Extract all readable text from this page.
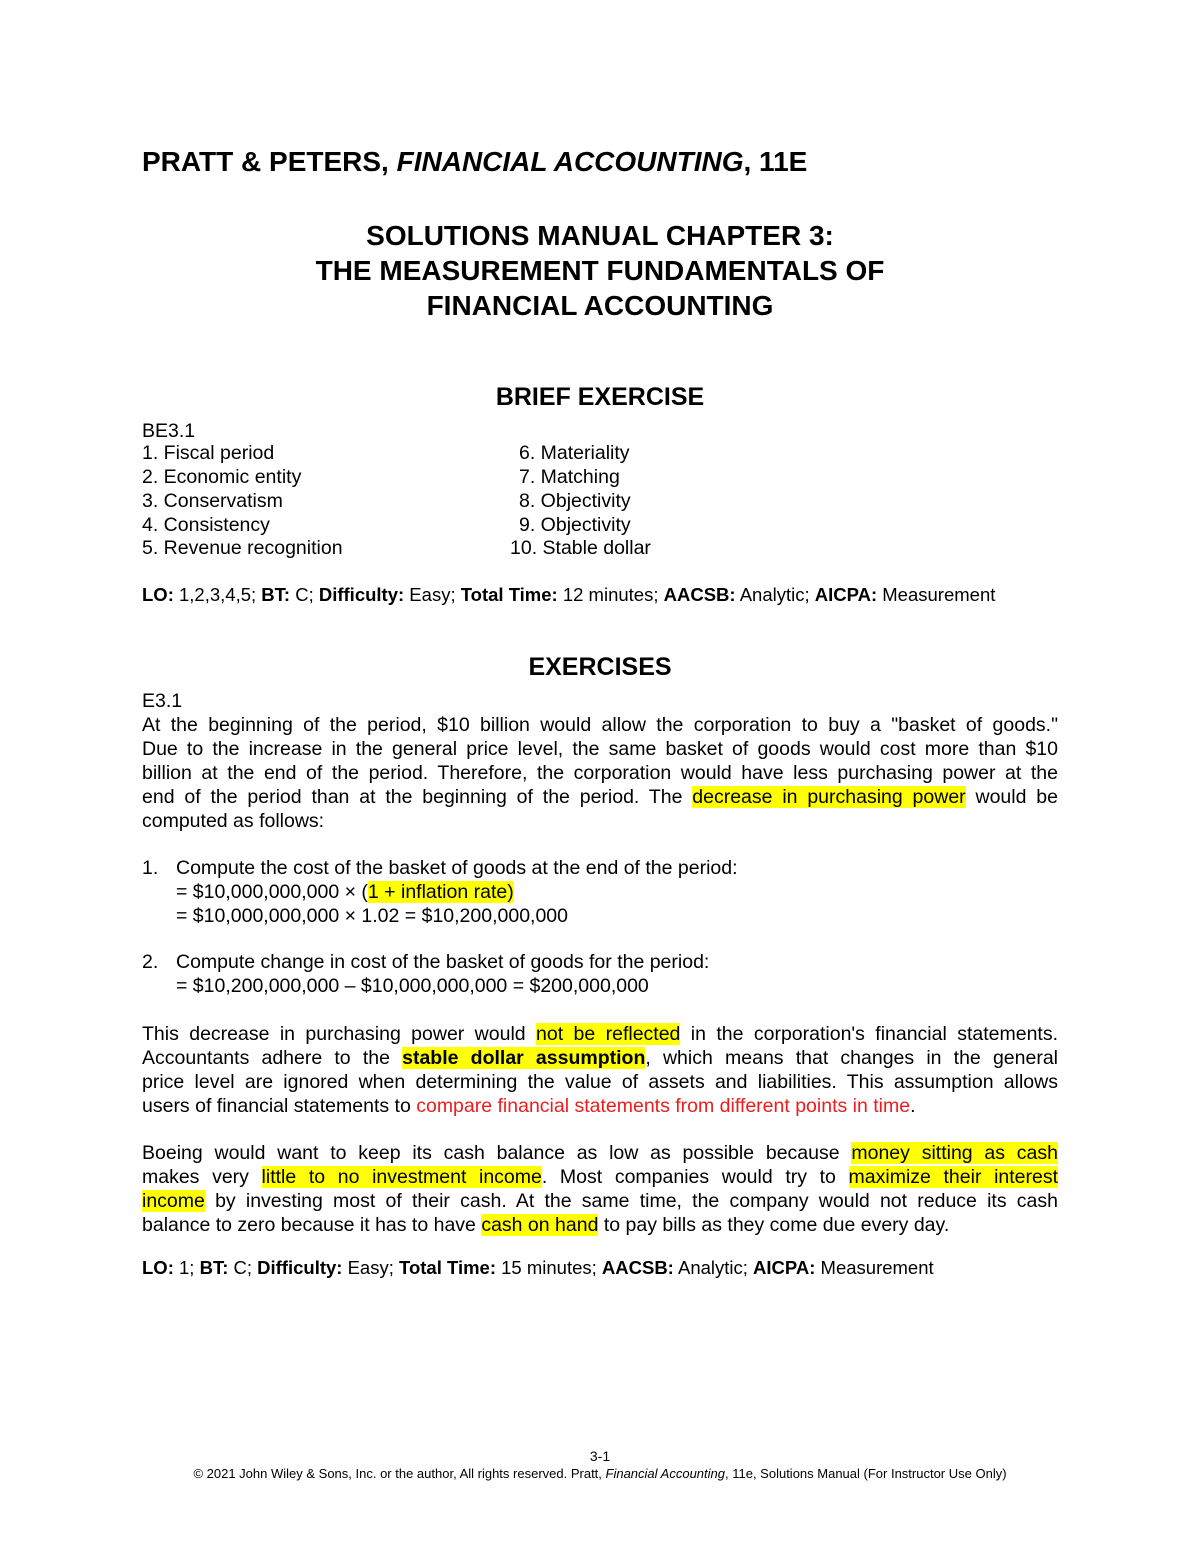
PRATT & PETERS, FINANCIAL ACCOUNTING, 11E
SOLUTIONS MANUAL CHAPTER 3:
THE MEASUREMENT FUNDAMENTALS OF
FINANCIAL ACCOUNTING
BRIEF EXERCISE
BE3.1
1. Fiscal period
2. Economic entity
3. Conservatism
4. Consistency
5. Revenue recognition
6. Materiality
7. Matching
8. Objectivity
9. Objectivity
10. Stable dollar
LO: 1,2,3,4,5; BT: C; Difficulty: Easy; Total Time: 12 minutes; AACSB: Analytic; AICPA: Measurement
EXERCISES
E3.1
At the beginning of the period, $10 billion would allow the corporation to buy a "basket of goods."
Due to the increase in the general price level, the same basket of goods would cost more than $10
billion at the end of the period. Therefore, the corporation would have less purchasing power at the
end of the period than at the beginning of the period. The decrease in purchasing power would be
computed as follows:
1. Compute the cost of the basket of goods at the end of the period:
= $10,000,000,000 × (1 + inflation rate)
= $10,000,000,000 × 1.02 = $10,200,000,000
2. Compute change in cost of the basket of goods for the period:
= $10,200,000,000 – $10,000,000,000 = $200,000,000
This decrease in purchasing power would not be reflected in the corporation's financial statements.
Accountants adhere to the stable dollar assumption, which means that changes in the general
price level are ignored when determining the value of assets and liabilities. This assumption allows
users of financial statements to compare financial statements from different points in time.
Boeing would want to keep its cash balance as low as possible because money sitting as cash
makes very little to no investment income. Most companies would try to maximize their interest
income by investing most of their cash. At the same time, the company would not reduce its cash
balance to zero because it has to have cash on hand to pay bills as they come due every day.
LO: 1; BT: C; Difficulty: Easy; Total Time: 15 minutes; AACSB: Analytic; AICPA: Measurement
3-1
© 2021 John Wiley & Sons, Inc. or the author, All rights reserved. Pratt, Financial Accounting, 11e, Solutions Manual (For Instructor Use Only)
